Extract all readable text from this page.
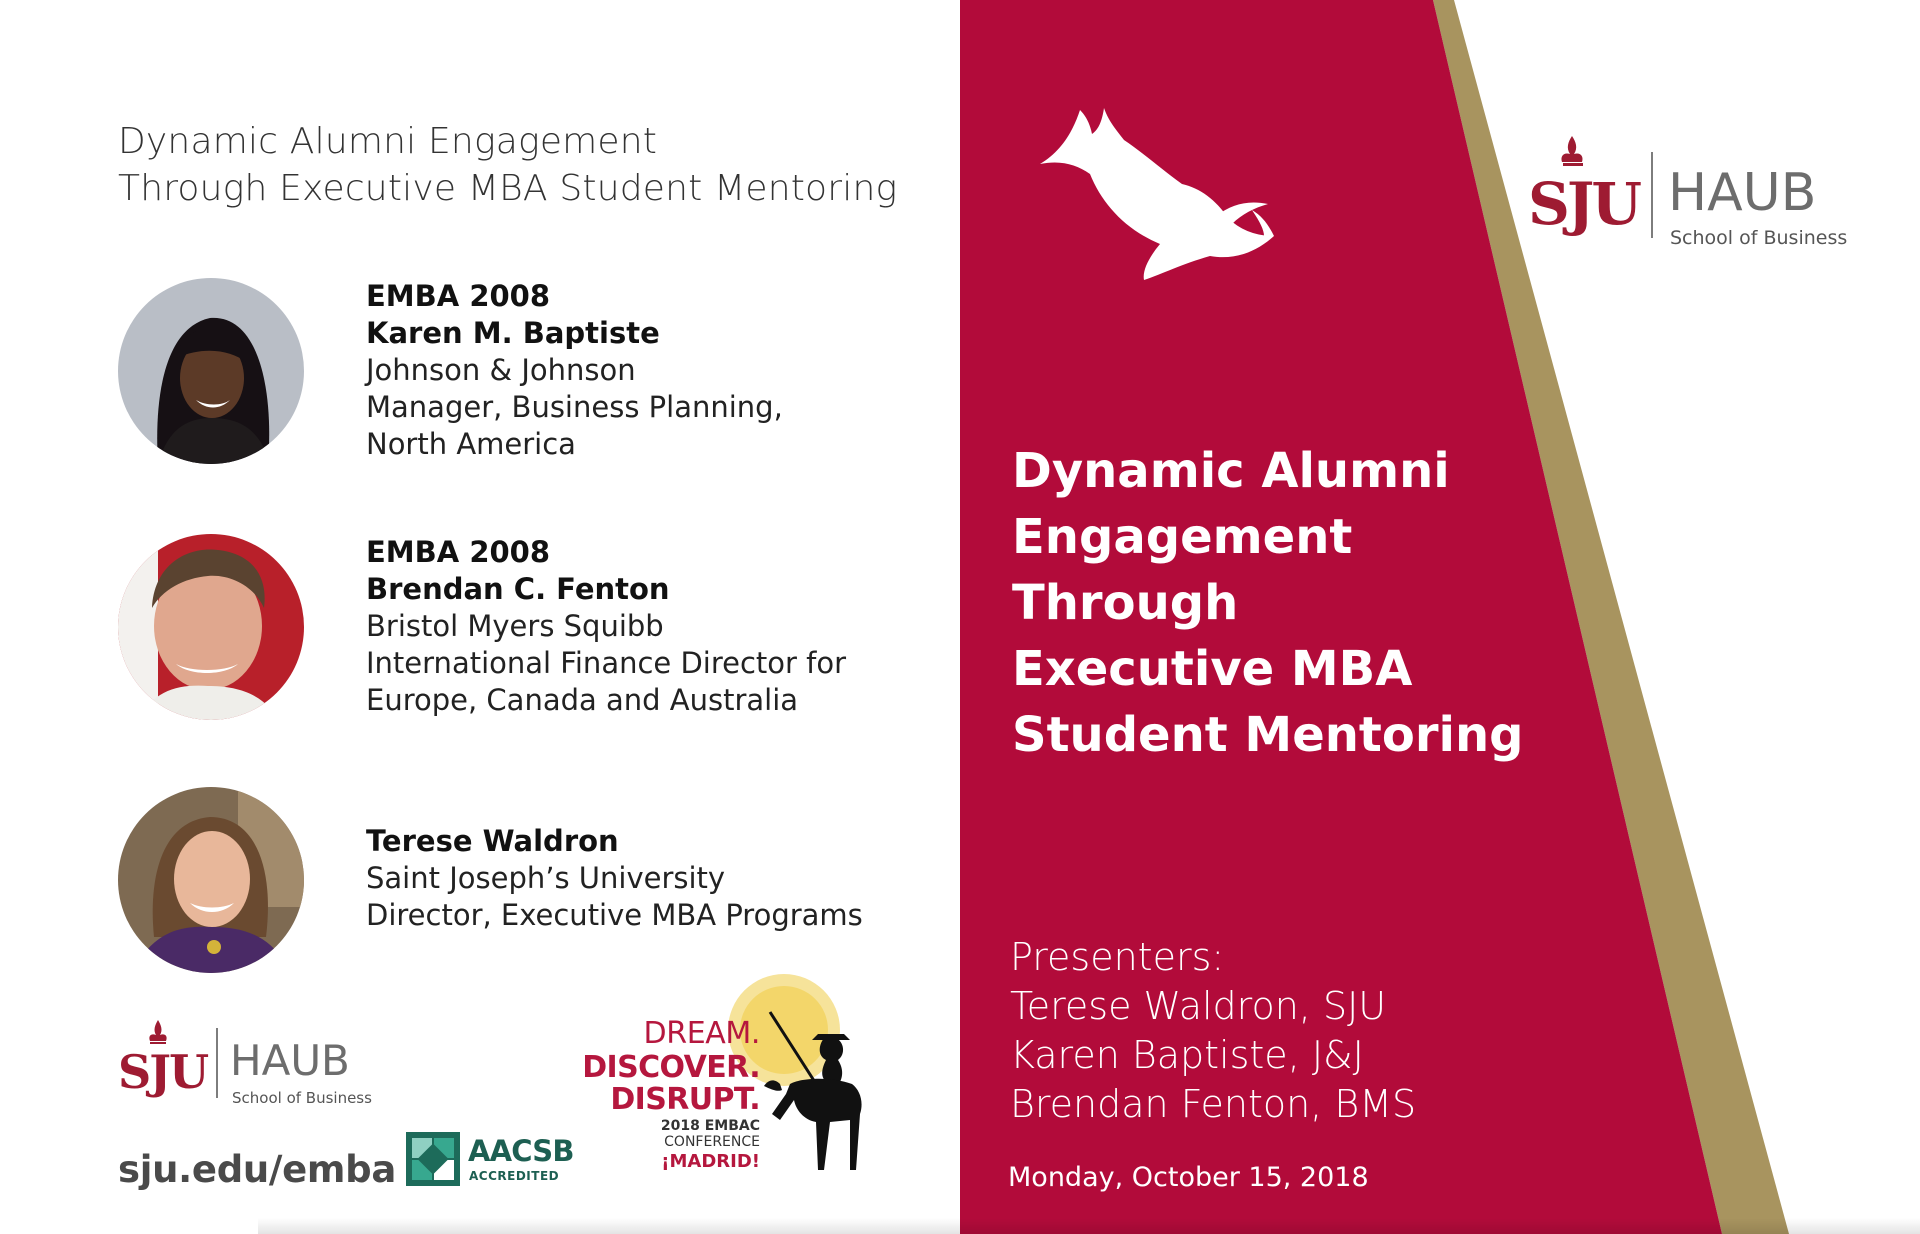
Dynamic Alumni
Engagement
Through
Executive MBA
Student Mentoring
Presenters:
Terese Waldron, SJU
Karen Baptiste, J&J
Brendan Fenton, BMS
Monday, October 15, 2018
SJU HAUB
School of Business
Dynamic Alumni Engagement
Through Executive MBA Student Mentoring
EMBA 2008
Karen M. Baptiste
Johnson & Johnson
Manager, Business Planning,
North America
EMBA 2008
Brendan C. Fenton
Bristol Myers Squibb
International Finance Director for
Europe, Canada and Australia
Terese Waldron
Saint Joseph’s University
Director, Executive MBA Programs
SJU HAUB
School of Business
sju.edu/emba AACSB
ACCREDITED
DREAM.
DISCOVER.
DISRUPT.
2018 EMBAC
CONFERENCE
¡MADRID!
